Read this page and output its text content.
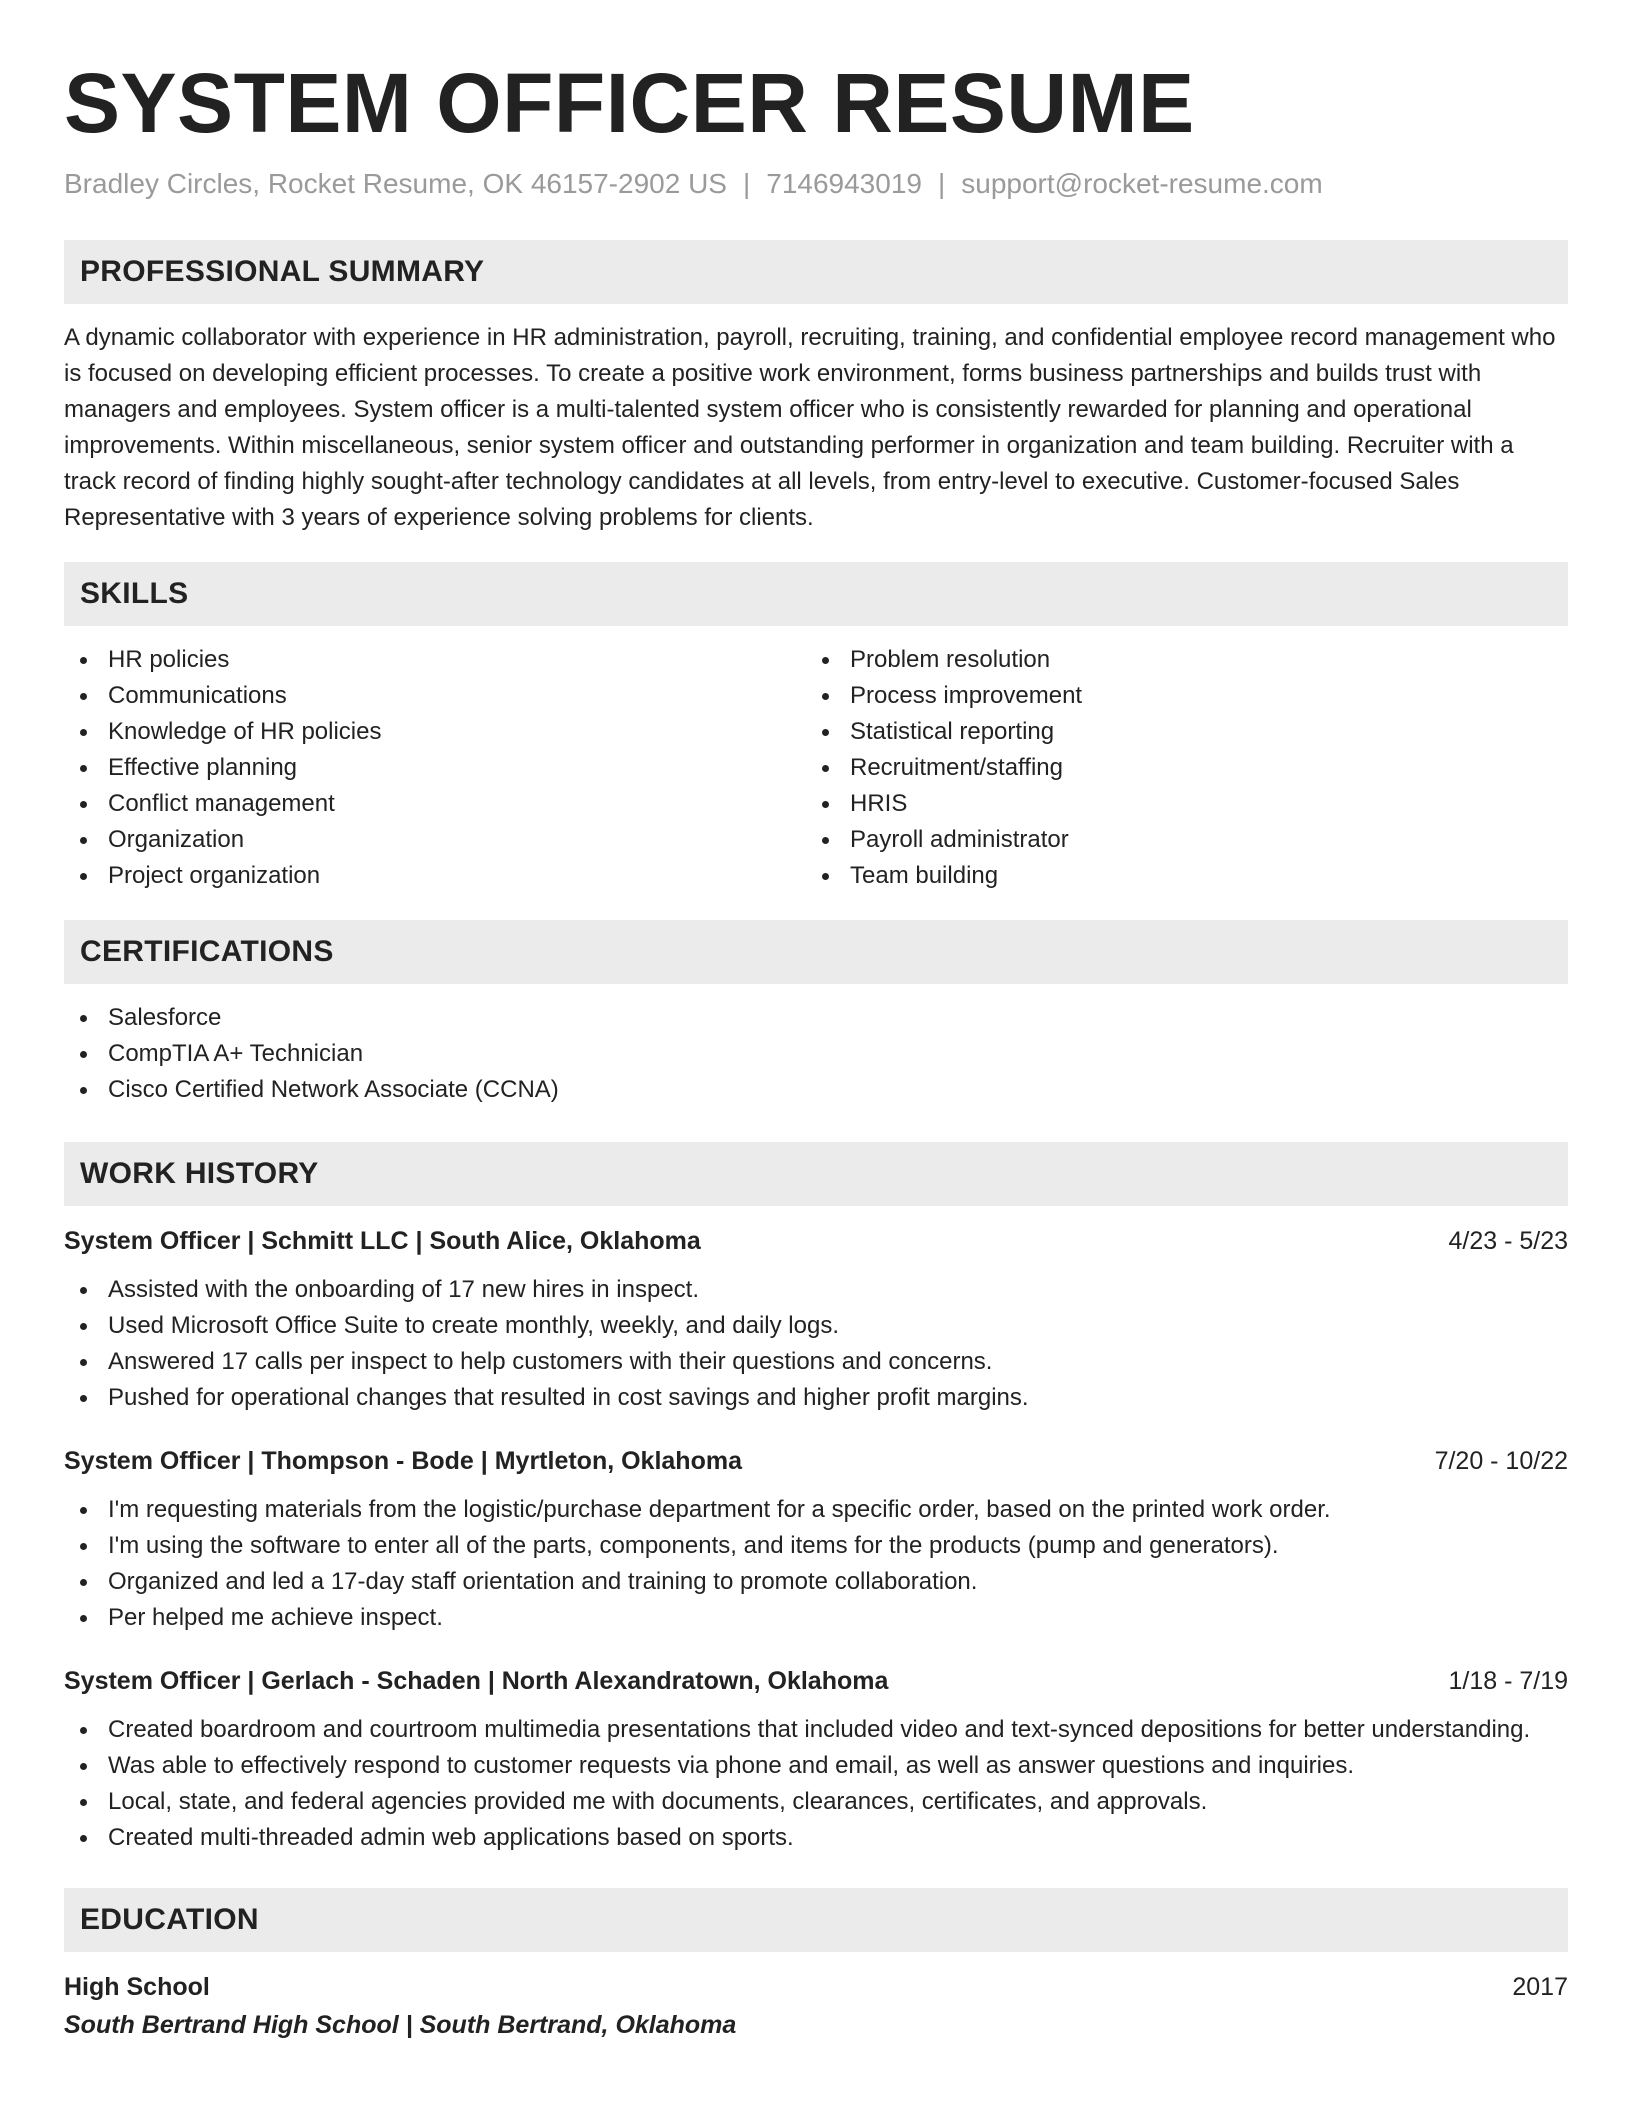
SYSTEM OFFICER RESUME
Bradley Circles, Rocket Resume, OK 46157-2902 US | 7146943019 | support@rocket-resume.com
PROFESSIONAL SUMMARY

A dynamic collaborator with experience in HR administration, payroll, recruiting, training, and confidential employee record management who is focused on developing efficient processes. To create a positive work environment, forms business partnerships and builds trust with managers and employees. System officer is a multi-talented system officer who is consistently rewarded for planning and operational improvements. Within miscellaneous, senior system officer and outstanding performer in organization and team building. Recruiter with a track record of finding highly sought-after technology candidates at all levels, from entry-level to executive. Customer-focused Sales Representative with 3 years of experience solving problems for clients.

SKILLS
HR policies
Communications
Knowledge of HR policies
Effective planning
Conflict management
Organization
Project organization
Problem resolution
Process improvement
Statistical reporting
Recruitment/staffing
HRIS
Payroll administrator
Team building
CERTIFICATIONS
Salesforce
CompTIA A+ Technician
Cisco Certified Network Associate (CCNA)
WORK HISTORY
System Officer | Schmitt LLC | South Alice, Oklahoma	4/23 - 5/23
Assisted with the onboarding of 17 new hires in inspect.
Used Microsoft Office Suite to create monthly, weekly, and daily logs.
Answered 17 calls per inspect to help customers with their questions and concerns.
Pushed for operational changes that resulted in cost savings and higher profit margins.
System Officer | Thompson - Bode | Myrtleton, Oklahoma	7/20 - 10/22
I'm requesting materials from the logistic/purchase department for a specific order, based on the printed work order.
I'm using the software to enter all of the parts, components, and items for the products (pump and generators).
Organized and led a 17-day staff orientation and training to promote collaboration.
Per helped me achieve inspect.
System Officer | Gerlach - Schaden | North Alexandratown, Oklahoma	1/18 - 7/19
Created boardroom and courtroom multimedia presentations that included video and text-synced depositions for better understanding.
Was able to effectively respond to customer requests via phone and email, as well as answer questions and inquiries.
Local, state, and federal agencies provided me with documents, clearances, certificates, and approvals.
Created multi-threaded admin web applications based on sports.
EDUCATION
High School	2017
South Bertrand High School | South Bertrand, Oklahoma
